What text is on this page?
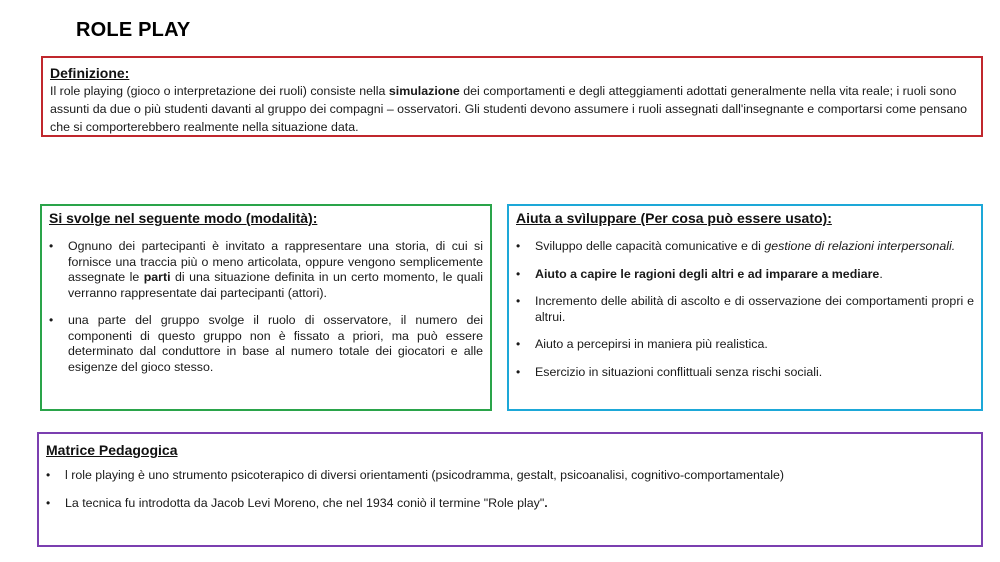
ROLE PLAY
Definizione:

Il role playing (gioco o interpretazione dei ruoli) consiste nella simulazione dei comportamenti e degli atteggiamenti adottati generalmente nella vita reale; i ruoli sono assunti da due o più studenti davanti al gruppo dei compagni – osservatori. Gli studenti devono assumere i ruoli assegnati dall'insegnante e comportarsi come pensano che si comporterebbero realmente nella situazione data.

Si svolge nel seguente modo (modalità):
• Ognuno dei partecipanti è invitato a rappresentare una storia, di cui si fornisce una traccia più o meno articolata, oppure vengono semplicemente assegnate le parti di una situazione definita in un certo momento, le quali verranno rappresentate dai partecipanti (attori).
• una parte del gruppo svolge il ruolo di osservatore, il numero dei componenti di questo gruppo non è fissato a priori, ma può essere determinato dal conduttore in base al numero totale dei giocatori e alle esigenze del gioco stesso.
Aiuta a svìluppare (Per cosa può essere usato):
• Sviluppo delle capacità comunicative e di gestione di relazioni interpersonali.
• Aiuto a capire le ragioni degli altri e ad imparare a mediare.
• Incremento delle abilità di ascolto e di osservazione dei comportamenti propri e altrui.
• Aiuto a percepirsi in maniera più realistica.
• Esercizio in situazioni conflittuali senza rischi sociali.
Matrice Pedagogica
• l role playing è uno strumento psicoterapico di diversi orientamenti (psicodramma, gestalt, psicoanalisi, cognitivo-comportamentale)
• La tecnica fu introdotta da Jacob Levi Moreno, che nel 1934 coniò il termine "Role play".
